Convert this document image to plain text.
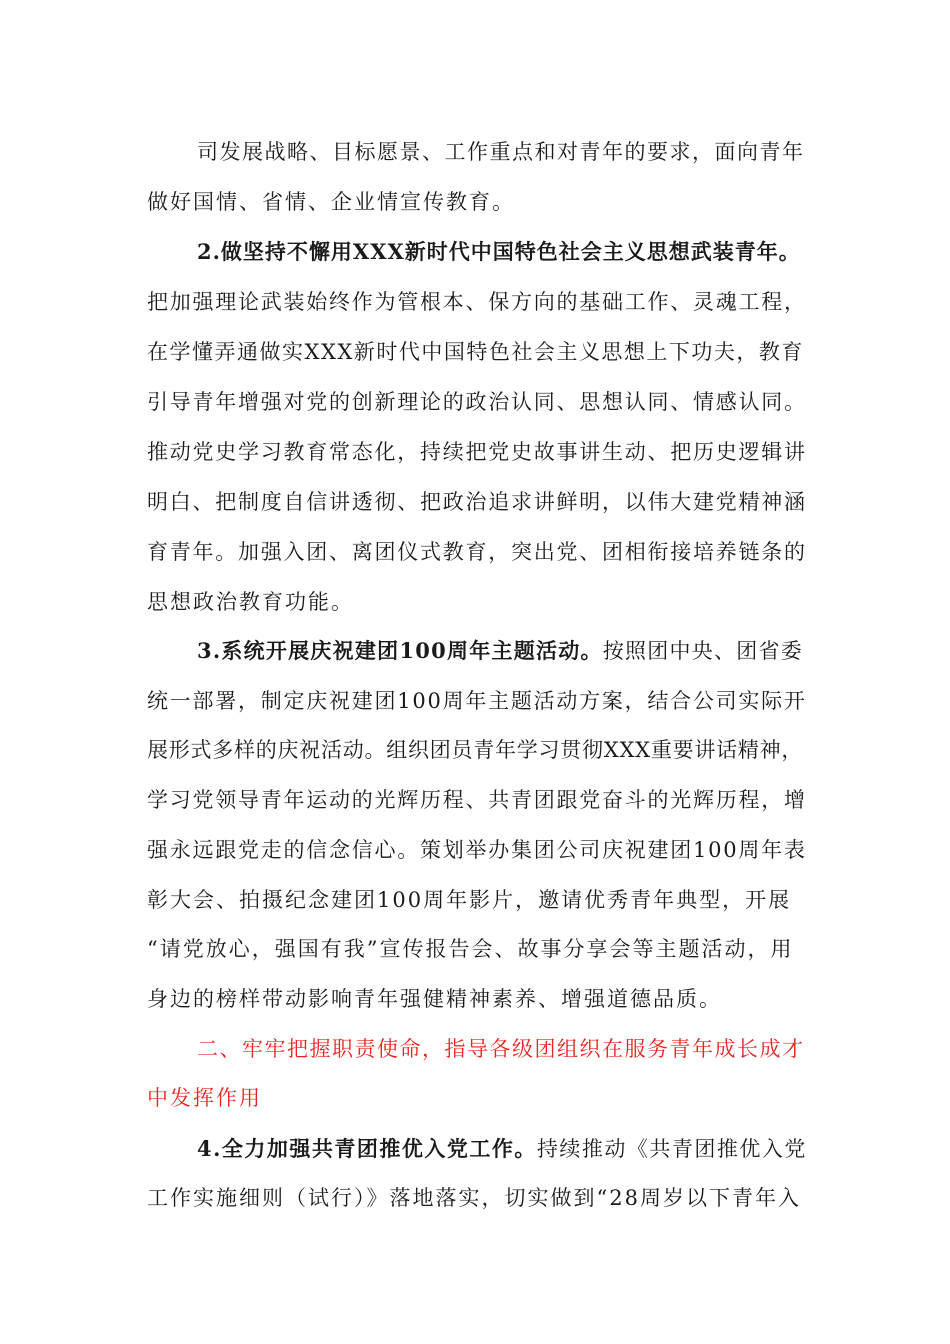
司发展战略、目标愿景、工作重点和对青年的要求，面向青年
做好国情、省情、企业情宣传教育。
2.做坚持不懈用XXX新时代中国特色社会主义思想武装青年。
把加强理论武装始终作为管根本、保方向的基础工作、灵魂工程，
在学懂弄通做实XXX新时代中国特色社会主义思想上下功夫，教育
引导青年增强对党的创新理论的政治认同、思想认同、情感认同。
推动党史学习教育常态化，持续把党史故事讲生动、把历史逻辑讲
明白、把制度自信讲透彻、把政治追求讲鲜明，以伟大建党精神涵
育青年。加强入团、离团仪式教育，突出党、团相衔接培养链条的
思想政治教育功能。
3.系统开展庆祝建团100周年主题活动。按照团中央、团省委
统一部署，制定庆祝建团100周年主题活动方案，结合公司实际开
展形式多样的庆祝活动。组织团员青年学习贯彻XXX重要讲话精神，
学习党领导青年运动的光辉历程、共青团跟党奋斗的光辉历程，增
强永远跟党走的信念信心。策划举办集团公司庆祝建团100周年表
彰大会、拍摄纪念建团100周年影片，邀请优秀青年典型，开展
“请党放心，强国有我”宣传报告会、故事分享会等主题活动，用
身边的榜样带动影响青年强健精神素养、增强道德品质。
二、牢牢把握职责使命，指导各级团组织在服务青年成长成才
中发挥作用
4.全力加强共青团推优入党工作。持续推动《共青团推优入党
工作实施细则（试行）》落地落实，切实做到“28周岁以下青年入
